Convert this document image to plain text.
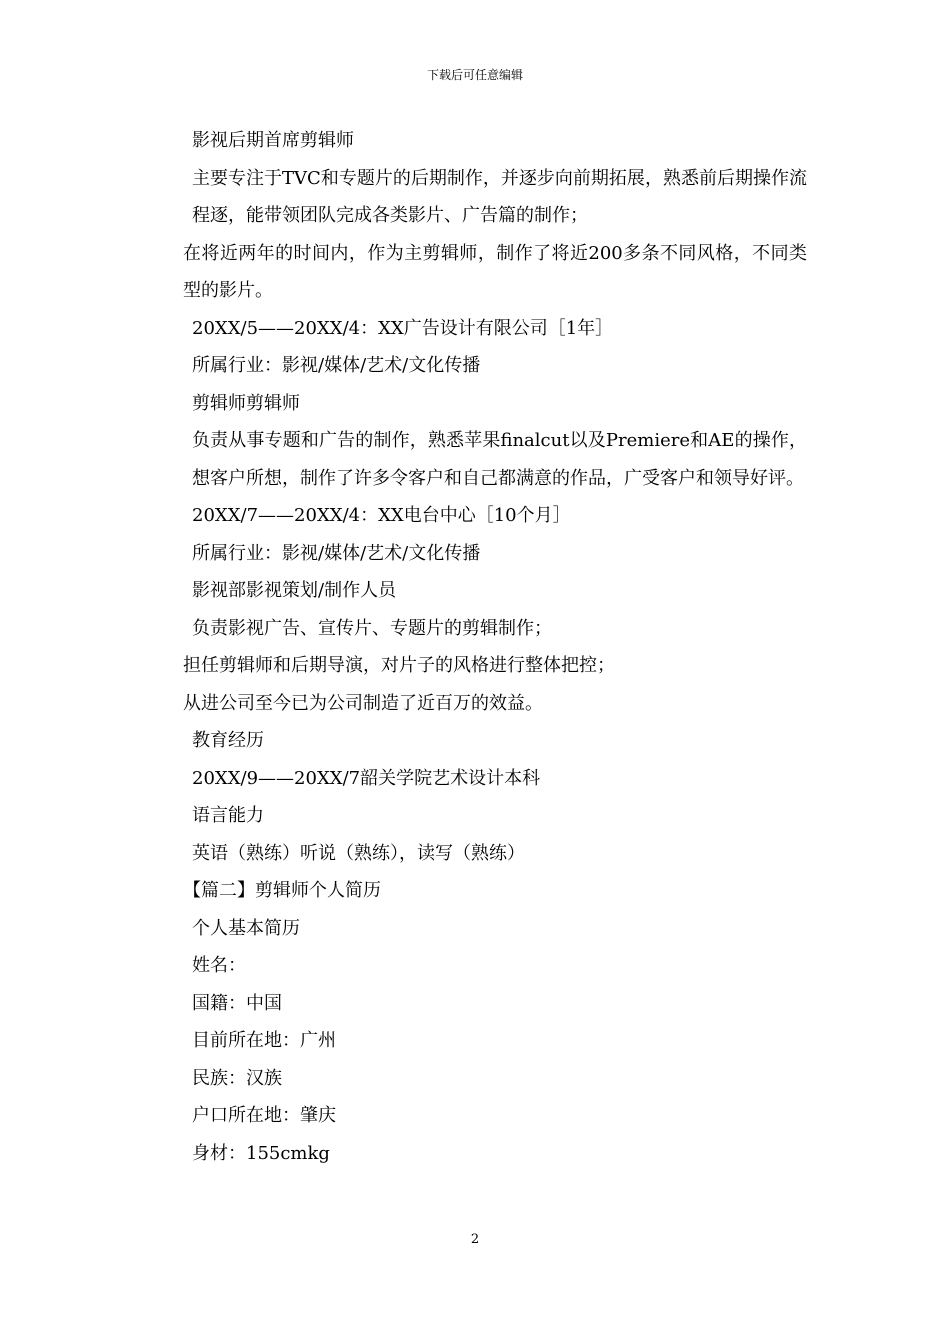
下载后可任意编辑
影视后期首席剪辑师
主要专注于TVC和专题片的后期制作，并逐步向前期拓展，熟悉前后期操作流程逐，能带领团队完成各类影片、广告篇的制作；
在将近两年的时间内，作为主剪辑师，制作了将近200多条不同风格，不同类型的影片。
20XX/5——20XX/4：XX广告设计有限公司［1年］
所属行业：影视/媒体/艺术/文化传播
剪辑师剪辑师
负责从事专题和广告的制作，熟悉苹果finalcut以及Premiere和AE的操作，想客户所想，制作了许多令客户和自己都满意的作品，广受客户和领导好评。
20XX/7——20XX/4：XX电台中心［10个月］
所属行业：影视/媒体/艺术/文化传播
影视部影视策划/制作人员
负责影视广告、宣传片、专题片的剪辑制作；
担任剪辑师和后期导演，对片子的风格进行整体把控；
从进公司至今已为公司制造了近百万的效益。
教育经历
20XX/9——20XX/7韶关学院艺术设计本科
语言能力
英语（熟练）听说（熟练），读写（熟练）
【篇二】剪辑师个人简历
个人基本简历
姓名：
国籍：中国
目前所在地：广州
民族：汉族
户口所在地：肇庆
身材：155cmkg
2
